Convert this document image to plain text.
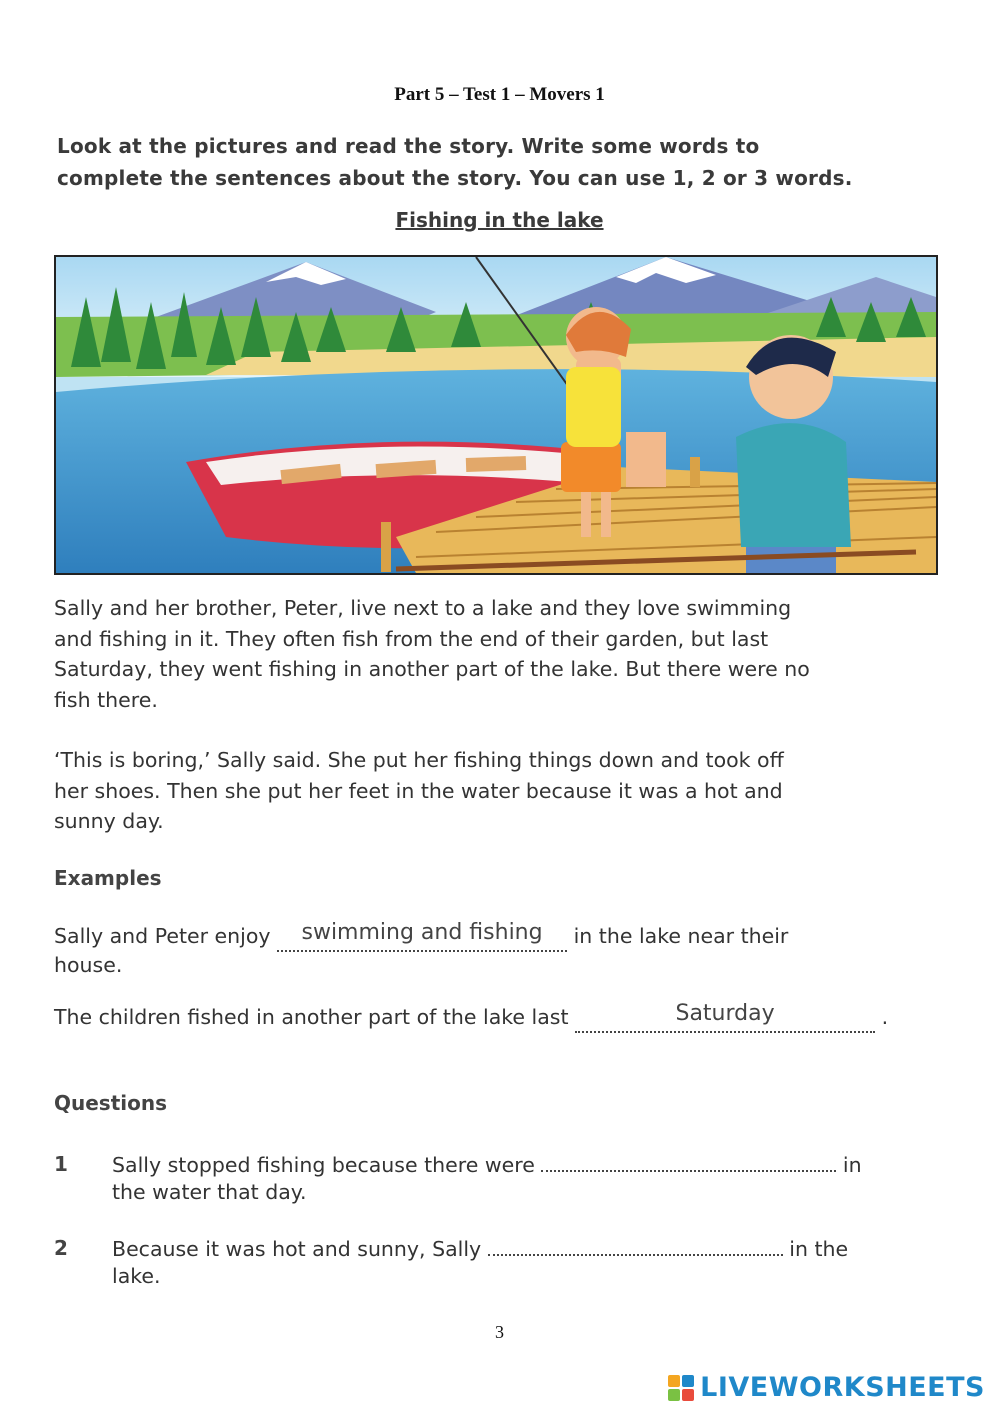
Part 5 – Test 1 – Movers 1
Look at the pictures and read the story. Write some words to
complete the sentences about the story. You can use 1, 2 or 3 words.
Fishing in the lake
Sally and her brother, Peter, live next to a lake and they love swimming
and fishing in it. They often fish from the end of their garden, but last
Saturday, they went fishing in another part of the lake. But there were no
fish there.
‘This is boring,’ Sally said. She put her fishing things down and took off
her shoes. Then she put her feet in the water because it was a hot and
sunny day.
Examples
Sally and Peter enjoy	swimming and fishing	in the lake near their
house.
The children fished in another part of the lake last	Saturday	.
Questions
1 Sally stopped fishing because there were	in
the water that day.
2 Because it was hot and sunny, Sally	in the
lake.
3
LIVEWORKSHEETS
